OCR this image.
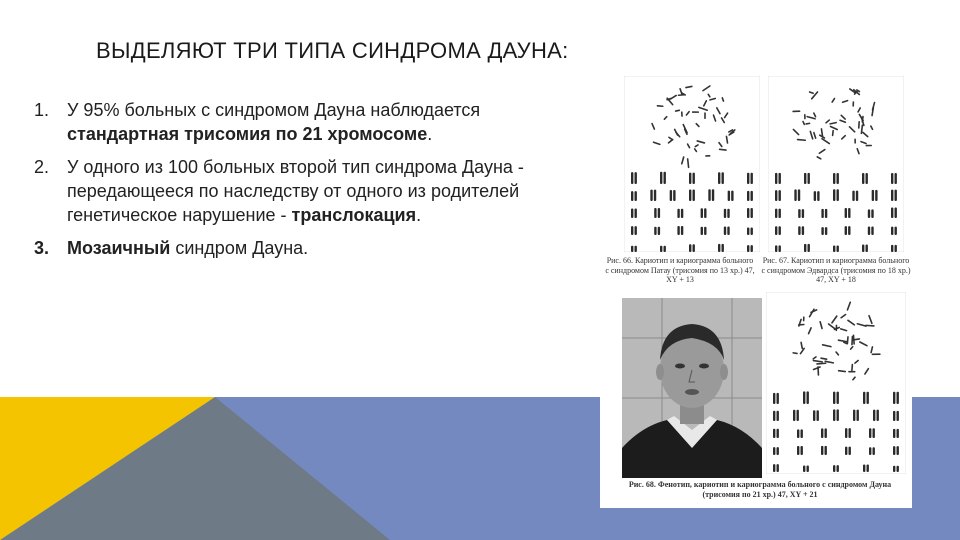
ВЫДЕЛЯЮТ ТРИ ТИПА СИНДРОМА ДАУНА:
1. У 95% больных с синдромом Дауна наблюдается стандартная трисомия по 21 хромосоме.
2. У одного из 100 больных второй тип синдрома Дауна - передающееся по наследству от одного из родителей генетическое нарушение - транслокация.
3. Мозаичный синдром Дауна.
Рис. 66. Кариотип и кариограмма больного с синдромом Патау (трисомия по 13 хр.) 47, XY + 13
Рис. 67. Кариотип и кариограмма больного с синдромом Эдвардса (трисомия по 18 хр.) 47, XY + 18
Рис. 68. Фенотип, кариотип и кариограмма больного с синдромом Дауна (трисомия по 21 хр.) 47, XY + 21
